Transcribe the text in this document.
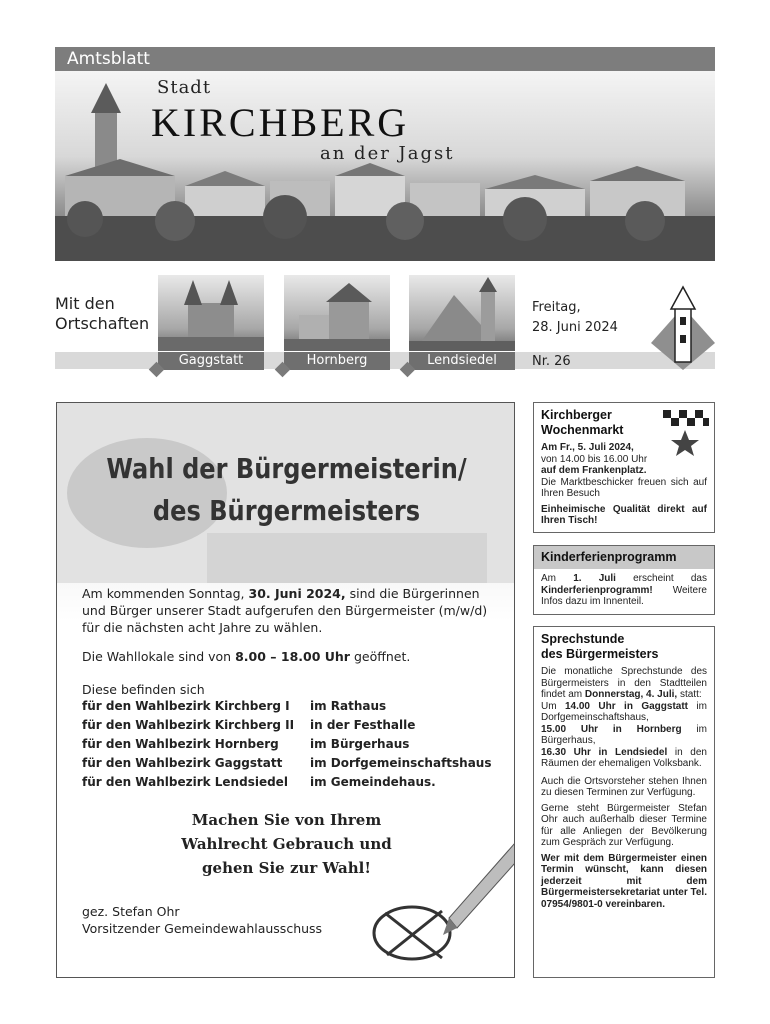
Amtsblatt
Stadt
KIRCHBERG
an der Jagst
Mit den
Ortschaften
Gaggstatt	Hornberg	Lendsiedel
Freitag,
28. Juni 2024
Nr. 26
Wahl der Bürgermeisterin/
des Bürgermeisters
Am kommenden Sonntag, 30. Juni 2024, sind die Bürgerinnen und Bürger unserer Stadt aufgerufen den Bürgermeister (m/w/d) für die nächsten acht Jahre zu wählen.
Die Wahllokale sind von 8.00 – 18.00 Uhr geöffnet.
Diese befinden sich
für den Wahlbezirk Kirchberg I im Rathaus
für den Wahlbezirk Kirchberg II in der Festhalle
für den Wahlbezirk Hornberg	im Bürgerhaus
für den Wahlbezirk Gaggstatt im Dorfgemeinschaftshaus
für den Wahlbezirk Lendsiedel im Gemeindehaus.
Machen Sie von Ihrem
Wahlrecht Gebrauch und
gehen Sie zur Wahl!
gez. Stefan Ohr
Vorsitzender Gemeindewahlausschuss
Kirchberger
Wochenmarkt
Am Fr., 5. Juli 2024,
von 14.00 bis 16.00 Uhr
auf dem Frankenplatz.
Die Marktbeschicker freuen sich auf Ihren Besuch
Einheimische Qualität direkt auf Ihren Tisch!
Kinderferienprogramm
Am 1. Juli erscheint das Kinderferienprogramm! Weitere Infos dazu im Innenteil.
Sprechstunde
des Bürgermeisters
Die monatliche Sprechstunde des Bürgermeisters in den Stadtteilen findet am Donnerstag, 4. Juli, statt:
Um 14.00 Uhr in Gaggstatt im Dorfgemeinschaftshaus,
15.00 Uhr in Hornberg im Bürgerhaus,
16.30 Uhr in Lendsiedel in den Räumen der ehemaligen Volksbank.
Auch die Ortsvorsteher stehen Ihnen zu diesen Terminen zur Verfügung.
Gerne steht Bürgermeister Stefan Ohr auch außerhalb dieser Termine für alle Anliegen der Bevölkerung zum Gespräch zur Verfügung.
Wer mit dem Bürgermeister einen Termin wünscht, kann diesen jederzeit mit dem Bürgermeistersekretariat unter Tel. 07954/9801-0 vereinbaren.
